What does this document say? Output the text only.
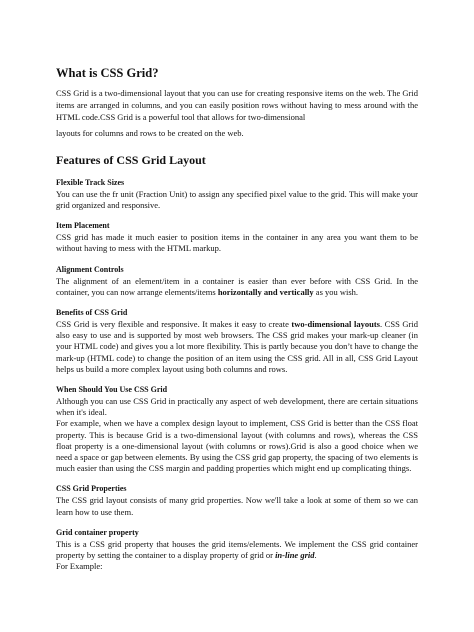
What is CSS Grid?

CSS Grid is a two-dimensional layout that you can use for creating responsive items on the web. The Grid items are arranged in columns, and you can easily position rows without having to mess around with the HTML code.CSS Grid is a powerful tool that allows for two-dimensional
layouts for columns and rows to be created on the web.

Features of CSS Grid Layout
Flexible Track Sizes

You can use the fr unit (Fraction Unit) to assign any specified pixel value to the grid. This will make your grid organized and responsive.

Item Placement

CSS grid has made it much easier to position items in the container in any area you want them to be without having to mess with the HTML markup.

Alignment Controls

The alignment of an element/item in a container is easier than ever before with CSS Grid. In the container, you can now arrange elements/items horizontally and vertically as you wish.

Benefits of CSS Grid

CSS Grid is very flexible and responsive. It makes it easy to create two-dimensional layouts. CSS Grid also easy to use and is supported by most web browsers. The CSS grid makes your mark-up cleaner (in your HTML code) and gives you a lot more flexibility. This is partly because you don’t have to change the mark-up (HTML code) to change the position of an item using the CSS grid. All in all, CSS Grid Layout helps us build a more complex layout using both columns and rows.

When Should You Use CSS Grid

Although you can use CSS Grid in practically any aspect of web development, there are certain situations when it's ideal.

For example, when we have a complex design layout to implement, CSS Grid is better than the CSS float property. This is because Grid is a two-dimensional layout (with columns and rows), whereas the CSS float property is a one-dimensional layout (with columns or rows).Grid is also a good choice when we need a space or gap between elements. By using the CSS grid gap property, the spacing of two elements is much easier than using the CSS margin and padding properties which might end up complicating things.

CSS Grid Properties

The CSS grid layout consists of many grid properties. Now we'll take a look at some of them so we can learn how to use them.

Grid container property

This is a CSS grid property that houses the grid items/elements. We implement the CSS grid container property by setting the container to a display property of grid or in-line grid.

For Example:
